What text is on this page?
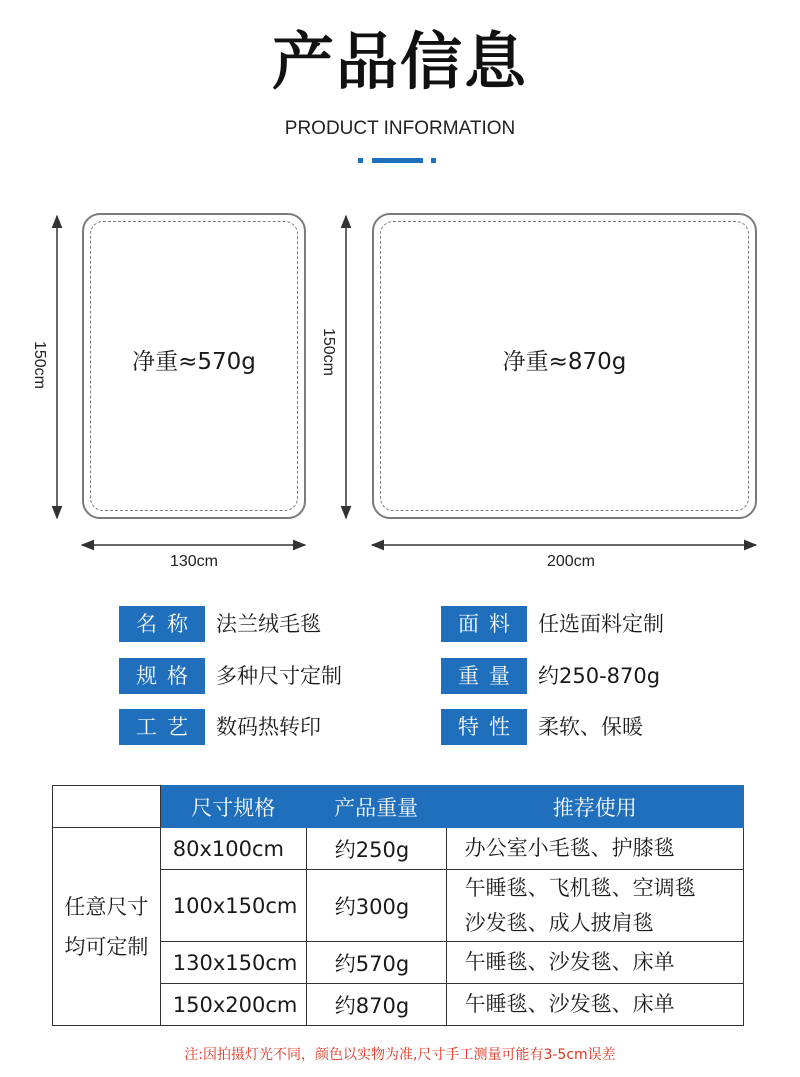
产品信息
PRODUCT INFORMATION
净重≈570g
150cm
130cm
净重≈870g
150cm
200cm
名称 法兰绒毛毯	面料 任选面料定制
规格 多种尺寸定制	重量 约250-870g
工艺 数码热转印	特性 柔软、保暖
	尺寸规格	产品重量	推荐使用

任意尺寸
均可定制	80x100cm	约250g	办公室小毛毯、护膝毯
	100x150cm	约300g	午睡毯、飞机毯、空调毯
沙发毯、成人披肩毯

	130x150cm	约570g	午睡毯、沙发毯、床单
	150x200cm	约870g	午睡毯、沙发毯、床单
注:因拍摄灯光不同，颜色以实物为准,尺寸手工测量可能有3-5cm误差
